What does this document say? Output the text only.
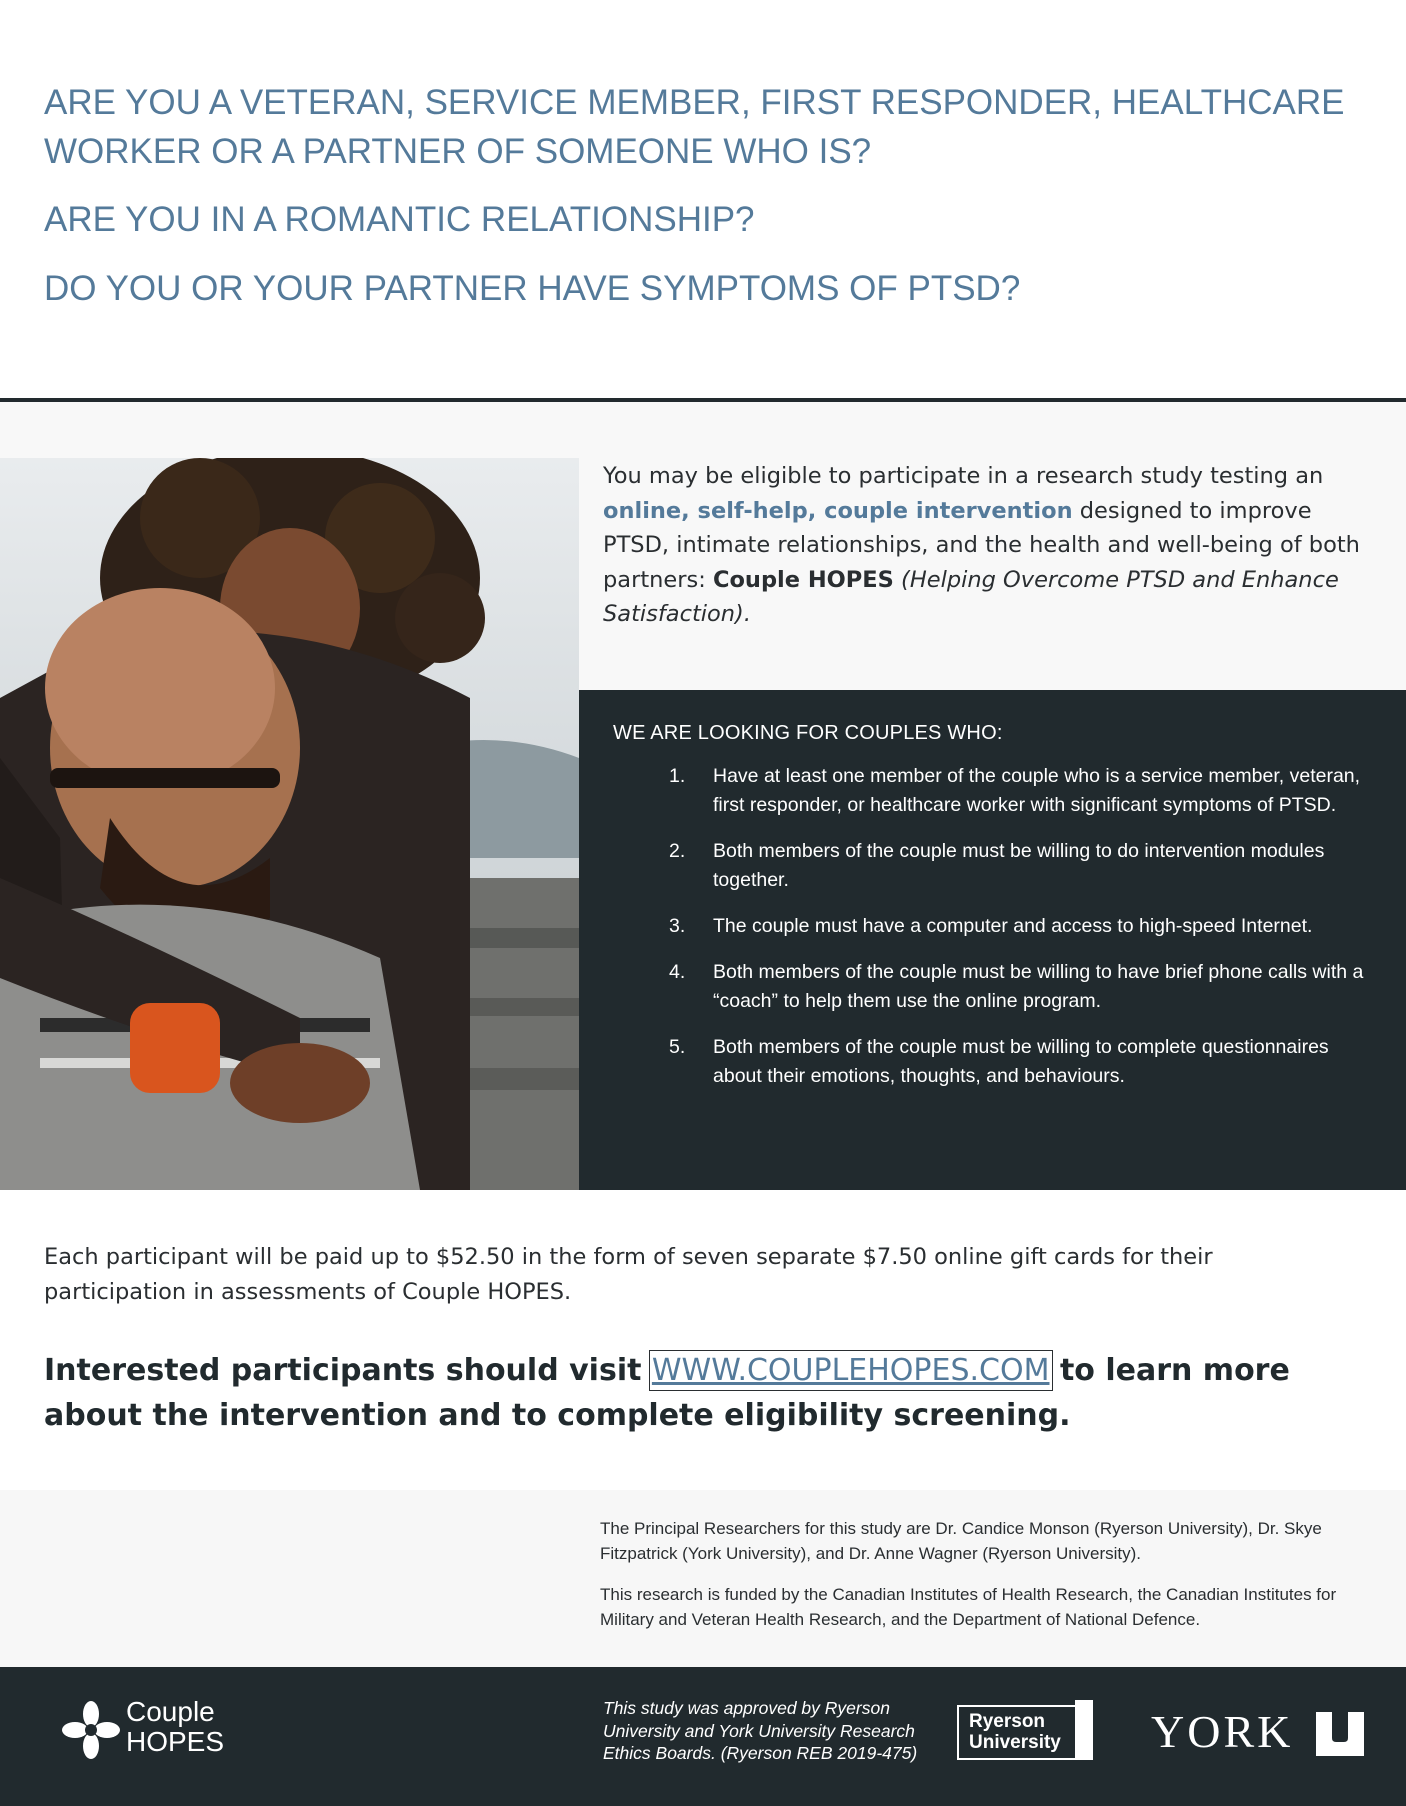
ARE YOU A VETERAN, SERVICE MEMBER, FIRST RESPONDER, HEALTHCARE WORKER OR A PARTNER OF SOMEONE WHO IS?

ARE YOU IN A ROMANTIC RELATIONSHIP?

DO YOU OR YOUR PARTNER HAVE SYMPTOMS OF PTSD?

You may be eligible to participate in a research study testing an online, self-help, couple intervention designed to improve PTSD, intimate relationships, and the health and well-being of both partners: Couple HOPES (Helping Overcome PTSD and Enhance Satisfaction).

WE ARE LOOKING FOR COUPLES WHO:
1. Have at least one member of the couple who is a service member, veteran, first responder, or healthcare worker with significant symptoms of PTSD.
2. Both members of the couple must be willing to do intervention modules together.
3. The couple must have a computer and access to high-speed Internet.
4. Both members of the couple must be willing to have brief phone calls with a “coach” to help them use the online program.
5. Both members of the couple must be willing to complete questionnaires about their emotions, thoughts, and behaviours.

Each participant will be paid up to $52.50 in the form of seven separate $7.50 online gift cards for their participation in assessments of Couple HOPES.

Interested participants should visit WWW.COUPLEHOPES.COM to learn more about the intervention and to complete eligibility screening.

The Principal Researchers for this study are Dr. Candice Monson (Ryerson University), Dr. Skye Fitzpatrick (York University), and Dr. Anne Wagner (Ryerson University).

This research is funded by the Canadian Institutes of Health Research, the Canadian Institutes for Military and Veteran Health Research, and the Department of National Defence.

Couple
HOPES

This study was approved by Ryerson University and York University Research Ethics Boards. (Ryerson REB 2019-475)

Ryerson
University YORK
